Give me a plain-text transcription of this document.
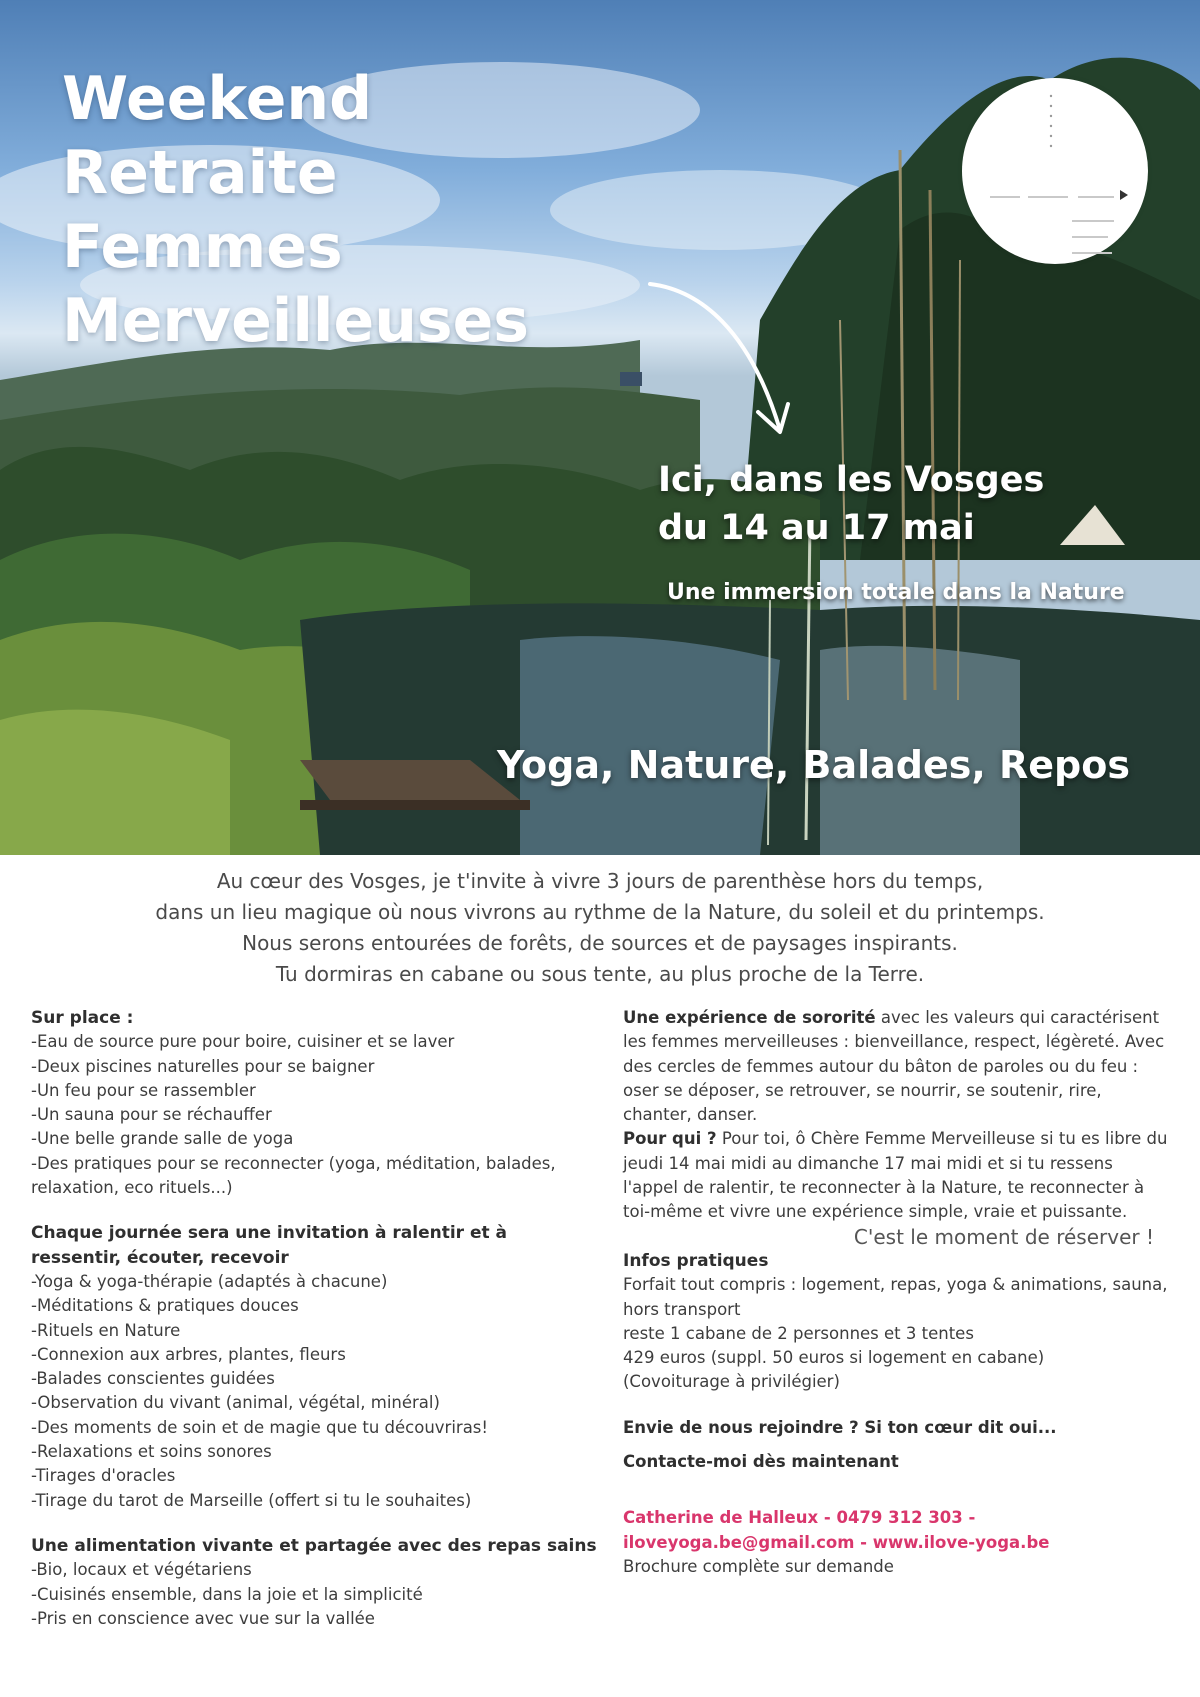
Weekend
Retraite
Femmes
Merveilleuses
Ici, dans les Vosges
du 14 au 17 mai
Une immersion totale dans la Nature
Yoga, Nature, Balades, Repos

Au cœur des Vosges, je t'invite à vivre 3 jours de parenthèse hors du temps,

dans un lieu magique où nous vivrons au rythme de la Nature, du soleil et du printemps.

Nous serons entourées de forêts, de sources et de paysages inspirants.

Tu dormiras en cabane ou sous tente, au plus proche de la Terre.

Sur place :
-Eau de source pure pour boire, cuisiner et se laver
-Deux piscines naturelles pour se baigner
-Un feu pour se rassembler
-Un sauna pour se réchauffer
-Une belle grande salle de yoga
-Des pratiques pour se reconnecter (yoga, méditation, balades, relaxation, eco rituels...)
Chaque journée sera une invitation à ralentir et à ressentir, écouter, recevoir
-Yoga & yoga-thérapie (adaptés à chacune)
-Méditations & pratiques douces
-Rituels en Nature
-Connexion aux arbres, plantes, fleurs
-Balades conscientes guidées
-Observation du vivant (animal, végétal, minéral)
-Des moments de soin et de magie que tu découvriras!
-Relaxations et soins sonores
-Tirages d'oracles
-Tirage du tarot de Marseille (offert si tu le souhaites)
Une alimentation vivante et partagée avec des repas sains
-Bio, locaux et végétariens
-Cuisinés ensemble, dans la joie et la simplicité
-Pris en conscience avec vue sur la vallée

Une expérience de sororité avec les valeurs qui caractérisent les femmes merveilleuses : bienveillance, respect, légèreté. Avec des cercles de femmes autour du bâton de paroles ou du feu : oser se déposer, se retrouver, se nourrir, se soutenir, rire, chanter, danser.

Pour qui ? Pour toi, ô Chère Femme Merveilleuse si tu es libre du jeudi 14 mai midi au dimanche 17 mai midi et si tu ressens l'appel de ralentir, te reconnecter à la Nature, te reconnecter à toi-même et vivre une expérience simple, vraie et puissante.

C'est le moment de réserver !

Infos pratiques

Forfait tout compris : logement, repas, yoga & animations, sauna, hors transport

reste 1 cabane de 2 personnes et 3 tentes

429 euros (suppl. 50 euros si logement en cabane)

(Covoiturage à privilégier)

Envie de nous rejoindre ? Si ton cœur dit oui...

Contacte-moi dès maintenant

Catherine de Halleux - 0479 312 303 -

iloveyoga.be@gmail.com - www.ilove-yoga.be

Brochure complète sur demande
